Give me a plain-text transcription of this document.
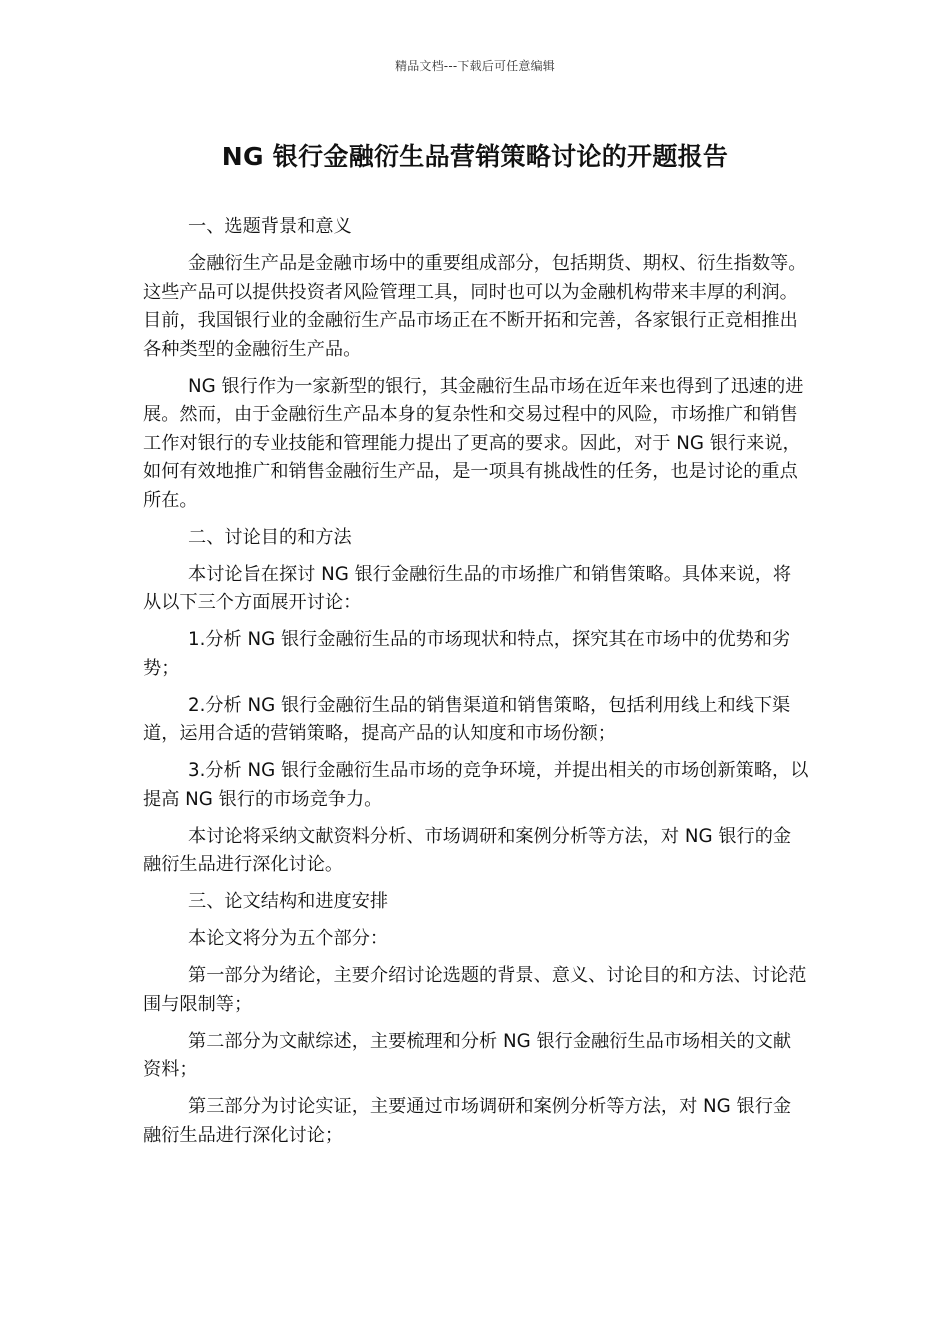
精品文档---下载后可任意编辑
NG 银行金融衍生品营销策略讨论的开题报告

一、选题背景和意义

金融衍生产品是金融市场中的重要组成部分，包括期货、期权、衍生指数等。这些产品可以提供投资者风险管理工具，同时也可以为金融机构带来丰厚的利润。目前，我国银行业的金融衍生产品市场正在不断开拓和完善，各家银行正竞相推出各种类型的金融衍生产品。

NG 银行作为一家新型的银行，其金融衍生品市场在近年来也得到了迅速的进展。然而，由于金融衍生产品本身的复杂性和交易过程中的风险，市场推广和销售工作对银行的专业技能和管理能力提出了更高的要求。因此，对于 NG 银行来说，如何有效地推广和销售金融衍生产品，是一项具有挑战性的任务，也是讨论的重点所在。

二、讨论目的和方法

本讨论旨在探讨 NG 银行金融衍生品的市场推广和销售策略。具体来说，将从以下三个方面展开讨论：

1.分析 NG 银行金融衍生品的市场现状和特点，探究其在市场中的优势和劣势；

2.分析 NG 银行金融衍生品的销售渠道和销售策略，包括利用线上和线下渠道，运用合适的营销策略，提高产品的认知度和市场份额；

3.分析 NG 银行金融衍生品市场的竞争环境，并提出相关的市场创新策略，以提高 NG 银行的市场竞争力。

本讨论将采纳文献资料分析、市场调研和案例分析等方法，对 NG 银行的金融衍生品进行深化讨论。

三、论文结构和进度安排

本论文将分为五个部分：

第一部分为绪论，主要介绍讨论选题的背景、意义、讨论目的和方法、讨论范围与限制等；

第二部分为文献综述，主要梳理和分析 NG 银行金融衍生品市场相关的文献资料；

第三部分为讨论实证，主要通过市场调研和案例分析等方法，对 NG 银行金融衍生品进行深化讨论；
